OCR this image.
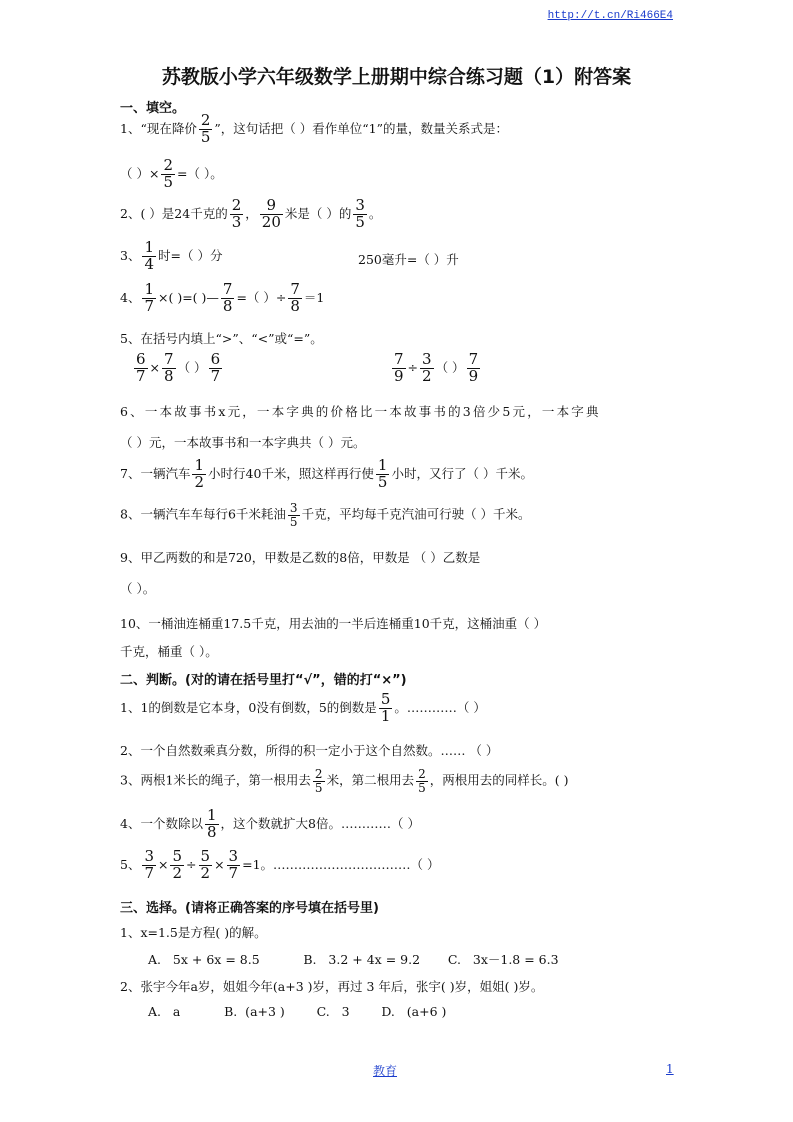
http://t.cn/Ri466E4
苏教版小学六年级数学上册期中综合练习题（1）附答案
一、填空。
1、“现在降价 $\frac{2}{5}$ ”，这句话把（ ）看作单位“1”的量，数量关系式是：
（ ）× $\frac{2}{5}$ =（ ）。
2、( ）是24千克的 $\frac{2}{3}$ ， $\frac{9}{20}$ 米是（ ）的 $\frac{3}{5}$ 。
3、 $\frac{1}{4}$ 时=（ ）分	250毫升=（ ）升
4、 $\frac{1}{7}$ ×( )=( )— $\frac{7}{8}$ =（ ）÷ $\frac{7}{8} =1$
5、在括号内填上“>”、“<”或“=”。
$\frac{6}{7} \times \frac{7}{8}$ （ ） $\frac{6}{7}$	$\frac{7}{9} \div \frac{3}{2}$ （ ） $\frac{7}{9}$
6、一本故事书x元，一本字典的价格比一本故事书的3倍少5元，一本字典
（ ）元，一本故事书和一本字典共（ ）元。
7、一辆汽车 $\frac{1}{2}$ 小时行40千米，照这样再行使 $\frac{1}{5}$ 小时，又行了（ ）千米。
8、一辆汽车车每行6千米耗油 $\frac{3}{5}$ 千克，平均每千克汽油可行驶（ ）千米。
9、甲乙两数的和是720，甲数是乙数的8倍，甲数是 （ ）乙数是
（ ）。
10、一桶油连桶重17.5千克，用去油的一半后连桶重10千克，这桶油重（ ）
千克，桶重（ ）。
二、判断。(对的请在括号里打“√”，错的打“×”)
1、1的倒数是它本身，0没有倒数，5的倒数是 $\frac{5}{1}$ 。…………（ ）
2、一个自然数乘真分数，所得的积一定小于这个自然数。…… （ ）
3、两根1米长的绳子，第一根用去 $\frac{2}{5}$ 米，第二根用去 $\frac{2}{5}$ ，两根用去的同样长。( )
4、一个数除以 $\frac{1}{8}$ ，这个数就扩大8倍。…………（ ）
5、 $\frac{3}{7} \times \frac{5}{2} \div \frac{5}{2} \times \frac{3}{7} =1$。……………………………（ ）
三、选择。(请将正确答案的序号填在括号里)
1、x=1.5是方程( )的解。
A.   5x + 6x = 8.5           B.   3.2 + 4x = 9.2       C.   3x－1.8 = 6.3
2、张宇今年a岁，姐姐今年(a+3 )岁，再过 3 年后，张宇( )岁，姐姐( )岁。
A.   a           B.  (a+3 )        C.   3        D.   (a+6 )
教育	1
